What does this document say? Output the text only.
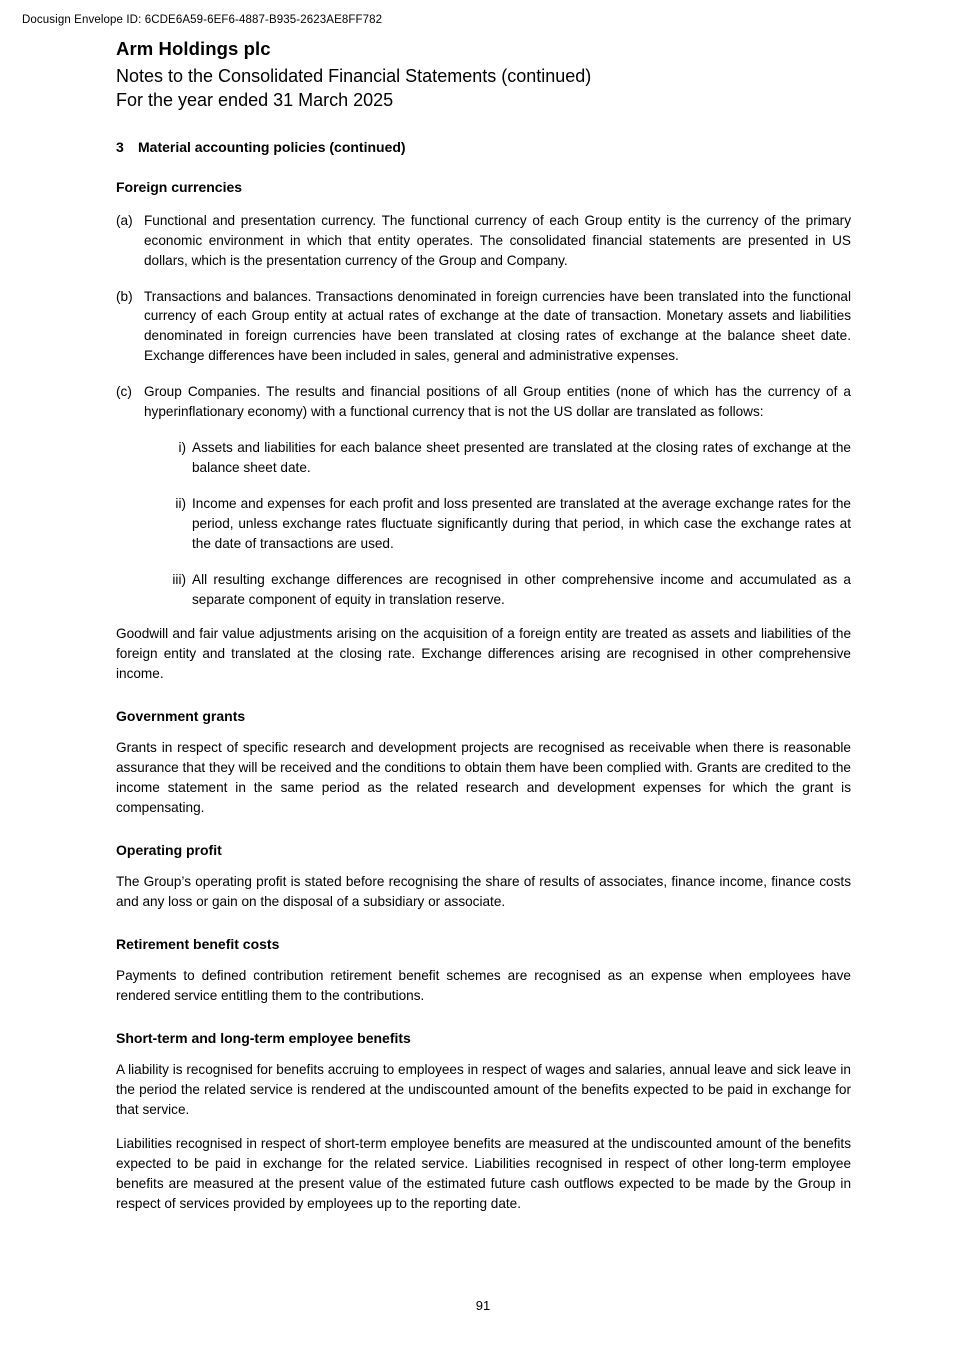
Docusign Envelope ID: 6CDE6A59-6EF6-4887-B935-2623AE8FF782
Arm Holdings plc
Notes to the Consolidated Financial Statements (continued)
For the year ended 31 March 2025
3 Material accounting policies (continued)
Foreign currencies
(a) Functional and presentation currency. The functional currency of each Group entity is the currency of the primary economic environment in which that entity operates. The consolidated financial statements are presented in US dollars, which is the presentation currency of the Group and Company.
(b) Transactions and balances. Transactions denominated in foreign currencies have been translated into the functional currency of each Group entity at actual rates of exchange at the date of transaction. Monetary assets and liabilities denominated in foreign currencies have been translated at closing rates of exchange at the balance sheet date. Exchange differences have been included in sales, general and administrative expenses.
(c) Group Companies. The results and financial positions of all Group entities (none of which has the currency of a hyperinflationary economy) with a functional currency that is not the US dollar are translated as follows:
i) Assets and liabilities for each balance sheet presented are translated at the closing rates of exchange at the balance sheet date.
ii) Income and expenses for each profit and loss presented are translated at the average exchange rates for the period, unless exchange rates fluctuate significantly during that period, in which case the exchange rates at the date of transactions are used.
iii) All resulting exchange differences are recognised in other comprehensive income and accumulated as a separate component of equity in translation reserve.

Goodwill and fair value adjustments arising on the acquisition of a foreign entity are treated as assets and liabilities of the foreign entity and translated at the closing rate. Exchange differences arising are recognised in other comprehensive income.

Government grants

Grants in respect of specific research and development projects are recognised as receivable when there is reasonable assurance that they will be received and the conditions to obtain them have been complied with. Grants are credited to the income statement in the same period as the related research and development expenses for which the grant is compensating.

Operating profit

The Group’s operating profit is stated before recognising the share of results of associates, finance income, finance costs and any loss or gain on the disposal of a subsidiary or associate.

Retirement benefit costs

Payments to defined contribution retirement benefit schemes are recognised as an expense when employees have rendered service entitling them to the contributions.

Short-term and long-term employee benefits

A liability is recognised for benefits accruing to employees in respect of wages and salaries, annual leave and sick leave in the period the related service is rendered at the undiscounted amount of the benefits expected to be paid in exchange for that service.

Liabilities recognised in respect of short-term employee benefits are measured at the undiscounted amount of the benefits expected to be paid in exchange for the related service. Liabilities recognised in respect of other long-term employee benefits are measured at the present value of the estimated future cash outflows expected to be made by the Group in respect of services provided by employees up to the reporting date.

91
